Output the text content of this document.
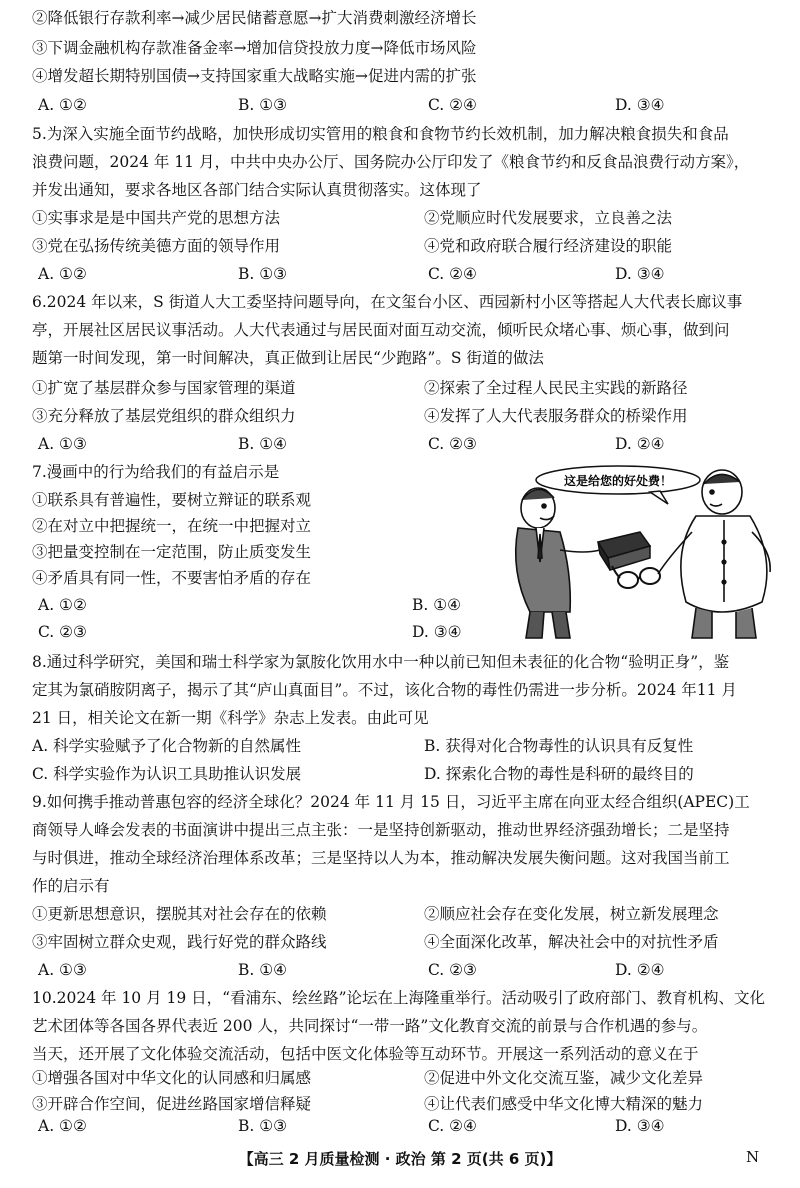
②降低银行存款利率→减少居民储蓄意愿→扩大消费刺激经济增长
③下调金融机构存款准备金率→增加信贷投放力度→降低市场风险
④增发超长期特别国债→支持国家重大战略实施→促进内需的扩张
A. ①②	B. ①③	C. ②④	D. ③④
5.为深入实施全面节约战略，加快形成切实管用的粮食和食物节约长效机制，加力解决粮食损失和食品
浪费问题，2024 年 11 月，中共中央办公厅、国务院办公厅印发了《粮食节约和反食品浪费行动方案》，
并发出通知，要求各地区各部门结合实际认真贯彻落实。这体现了
①实事求是是中国共产党的思想方法	②党顺应时代发展要求，立良善之法
③党在弘扬传统美德方面的领导作用	④党和政府联合履行经济建设的职能
A. ①②	B. ①③	C. ②④	D. ③④
6.2024 年以来，S 街道人大工委坚持问题导向，在文玺台小区、西园新村小区等搭起人大代表长廊议事
亭，开展社区居民议事活动。人大代表通过与居民面对面互动交流，倾听民众堵心事、烦心事，做到问
题第一时间发现，第一时间解决，真正做到让居民“少跑路”。S 街道的做法
①扩宽了基层群众参与国家管理的渠道	②探索了全过程人民民主实践的新路径
③充分释放了基层党组织的群众组织力	④发挥了人大代表服务群众的桥梁作用
A. ①③	B. ①④	C. ②③	D. ②④
7.漫画中的行为给我们的有益启示是
①联系具有普遍性，要树立辩证的联系观
②在对立中把握统一，在统一中把握对立
③把量变控制在一定范围，防止质变发生
④矛盾具有同一性，不要害怕矛盾的存在
A. ①②	B. ①④
C. ②③	D. ③④
这是给您的好处费！
8.通过科学研究，美国和瑞士科学家为氯胺化饮用水中一种以前已知但未表征的化合物“验明正身”，鉴
定其为氯硝胺阴离子，揭示了其“庐山真面目”。不过，该化合物的毒性仍需进一步分析。2024 年11 月
21 日，相关论文在新一期《科学》杂志上发表。由此可见
A. 科学实验赋予了化合物新的自然属性	B. 获得对化合物毒性的认识具有反复性
C. 科学实验作为认识工具助推认识发展	D. 探索化合物的毒性是科研的最终目的
9.如何携手推动普惠包容的经济全球化？2024 年 11 月 15 日，习近平主席在向亚太经合组织(APEC)工
商领导人峰会发表的书面演讲中提出三点主张：一是坚持创新驱动，推动世界经济强劲增长；二是坚持
与时俱进，推动全球经济治理体系改革；三是坚持以人为本，推动解决发展失衡问题。这对我国当前工
作的启示有
①更新思想意识，摆脱其对社会存在的依赖	②顺应社会存在变化发展，树立新发展理念
③牢固树立群众史观，践行好党的群众路线	④全面深化改革，解决社会中的对抗性矛盾
A. ①③	B. ①④	C. ②③	D. ②④
10.2024 年 10 月 19 日，“看浦东、绘丝路”论坛在上海隆重举行。活动吸引了政府部门、教育机构、文化
艺术团体等各国各界代表近 200 人，共同探讨“一带一路”文化教育交流的前景与合作机遇的参与。
当天，还开展了文化体验交流活动，包括中医文化体验等互动环节。开展这一系列活动的意义在于
①增强各国对中华文化的认同感和归属感	②促进中外文化交流互鉴，减少文化差异
③开辟合作空间，促进丝路国家增信释疑	④让代表们感受中华文化博大精深的魅力
【高三 2 月质量检测 · 政治 第 2 页(共 6 页)】	N
A. ①②	B. ①③	C. ②④	D. ③④
